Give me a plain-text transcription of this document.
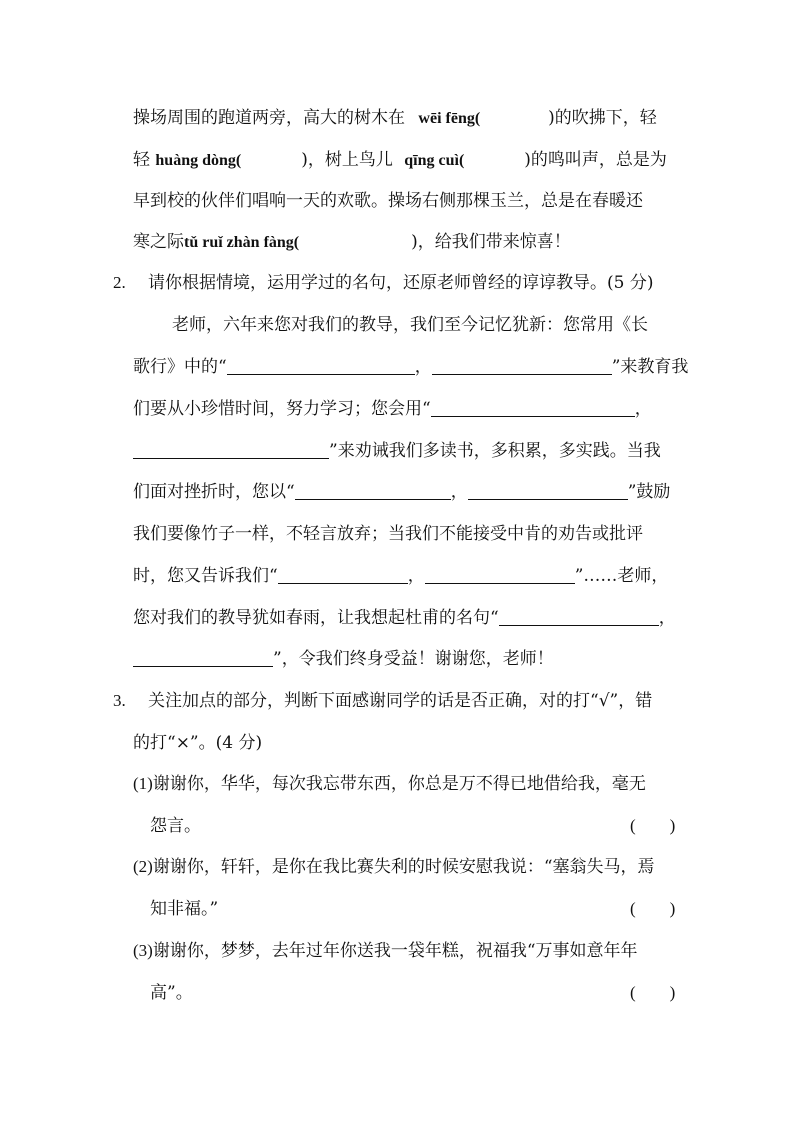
操场周围的跑道两旁，高大的树木在 wēi fēng(	)的吹拂下，轻
轻 huàng dòng(	)，树上鸟儿 qīng cuì(	)的鸣叫声，总是为
早到校的伙伴们唱响一天的欢歌。操场右侧那棵玉兰，总是在春暖还
寒之际tǔ ruǐ zhàn fàng(	)，给我们带来惊喜！
2. 请你根据情境，运用学过的名句，还原老师曾经的谆谆教导。(5 分)
老师，六年来您对我们的教导，我们至今记忆犹新：您常用《长
歌行》中的“	，	”来教育我
们要从小珍惜时间，努力学习；您会用“	，
”来劝诫我们多读书，多积累，多实践。当我
们面对挫折时，您以“	，	”鼓励
我们要像竹子一样，不轻言放弃；当我们不能接受中肯的劝告或批评
时，您又告诉我们“	，	”……老师，
您对我们的教导犹如春雨，让我想起杜甫的名句“	，
”，令我们终身受益！谢谢您，老师！
3. 关注加点的部分，判断下面感谢同学的话是否正确，对的打“√”，错
的打“×”。(4 分)
(1)谢谢你，华华，每次我忘带东西，你总是万不得已地借给我，毫无
怨言。	(　　)
(2)谢谢你，轩轩，是你在我比赛失利的时候安慰我说：“塞翁失马，焉
知非福。”	(　　)
(3)谢谢你，梦梦，去年过年你送我一袋年糕，祝福我“万事如意年年
高”。	(　　)
